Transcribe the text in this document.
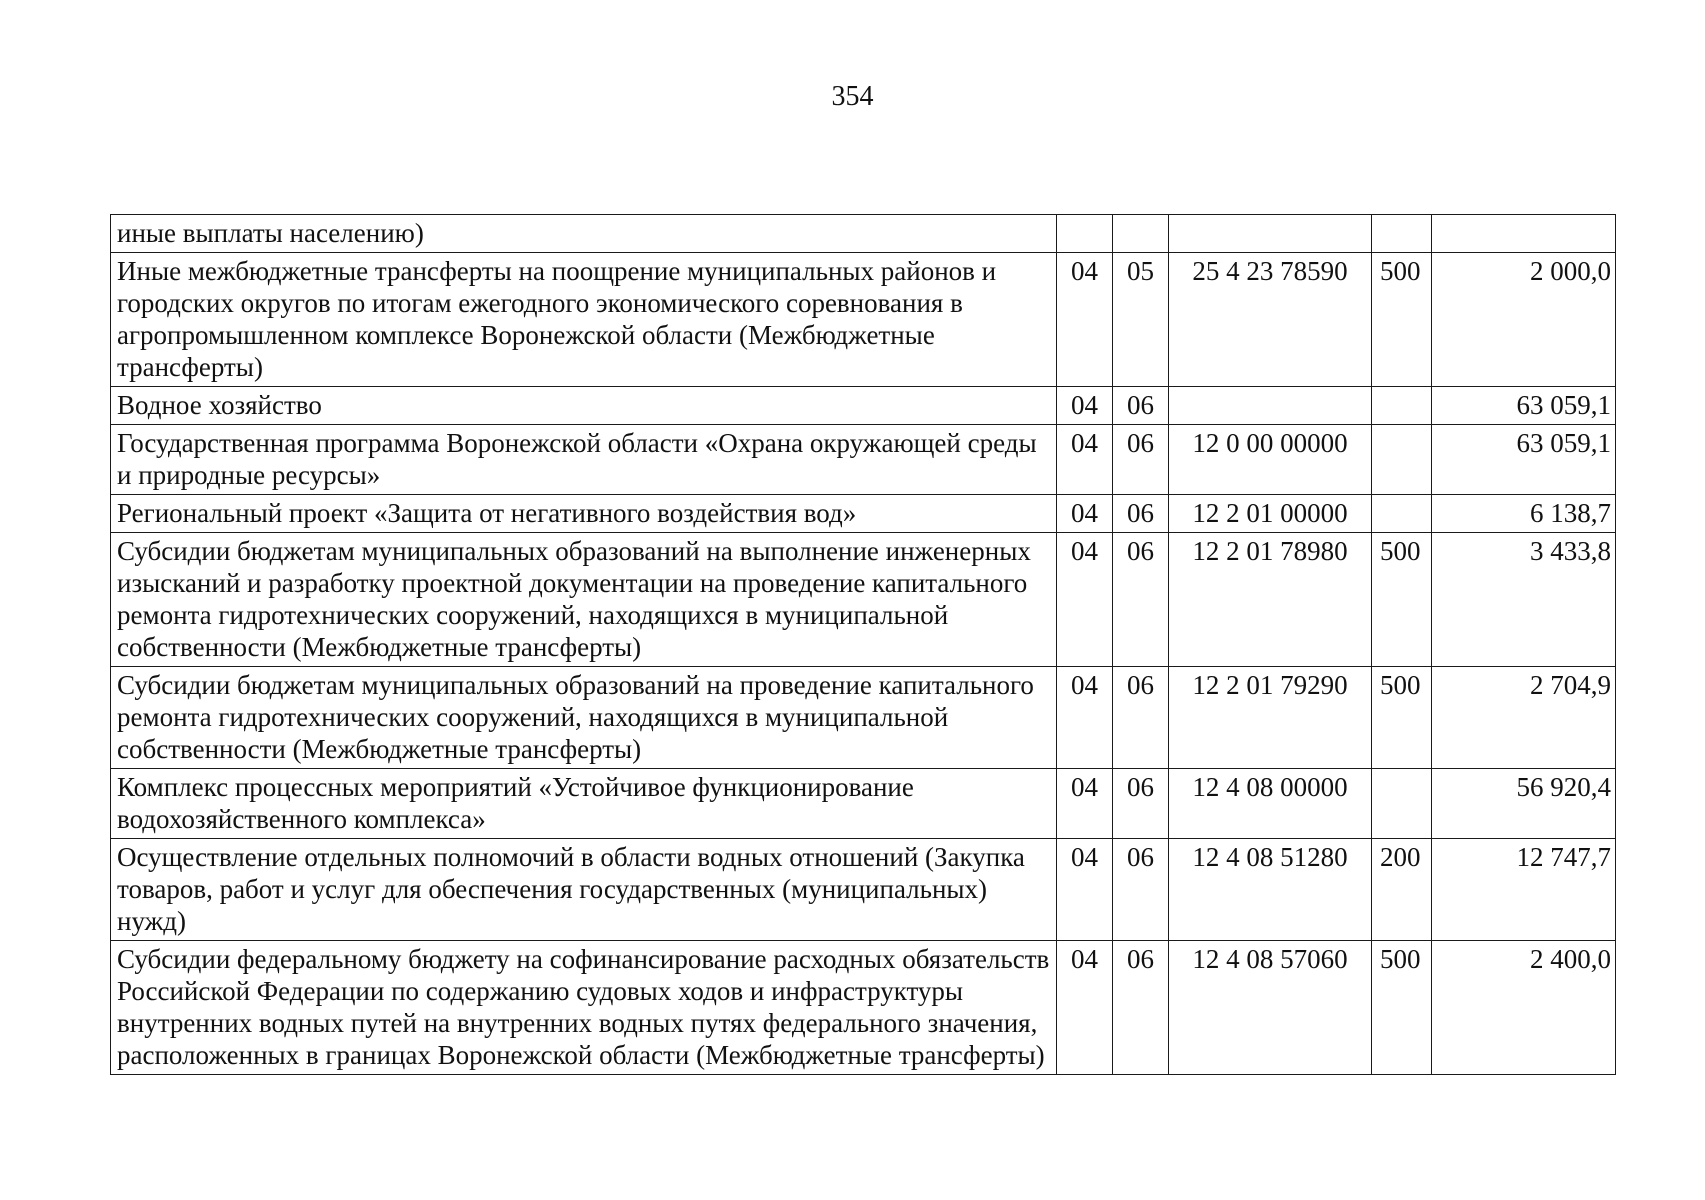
354
иные выплаты населению)					
Иные межбюджетные трансферты на поощрение муниципальных районов и городских округов по итогам ежегодного экономического соревнования в агропромышленном комплексе Воронежской области (Межбюджетные трансферты)	04	05	25 4 23 78590	500	2 000,0
Водное хозяйство	04	06			63 059,1
Государственная программа Воронежской области «Охрана окружающей среды и природные ресурсы»	04	06	12 0 00 00000		63 059,1
Региональный проект «Защита от негативного воздействия вод»	04	06	12 2 01 00000		6 138,7
Субсидии бюджетам муниципальных образований на выполнение инженерных изысканий и разработку проектной документации на проведение капитального ремонта гидротехнических сооружений, находящихся в муниципальной собственности (Межбюджетные трансферты)	04	06	12 2 01 78980	500	3 433,8
Субсидии бюджетам муниципальных образований на проведение капитального ремонта гидротехнических сооружений, находящихся в муниципальной собственности (Межбюджетные трансферты)	04	06	12 2 01 79290	500	2 704,9
Комплекс процессных мероприятий «Устойчивое функционирование водохозяйственного комплекса»	04	06	12 4 08 00000		56 920,4
Осуществление отдельных полномочий в области водных отношений (Закупка товаров, работ и услуг для обеспечения государственных (муниципальных) нужд)	04	06	12 4 08 51280	200	12 747,7
Субсидии федеральному бюджету на софинансирование расходных обязательств Российской Федерации по содержанию судовых ходов и инфраструктуры внутренних водных путей на внутренних водных путях федерального значения, расположенных в границах Воронежской области (Межбюджетные трансферты)	04	06	12 4 08 57060	500	2 400,0
